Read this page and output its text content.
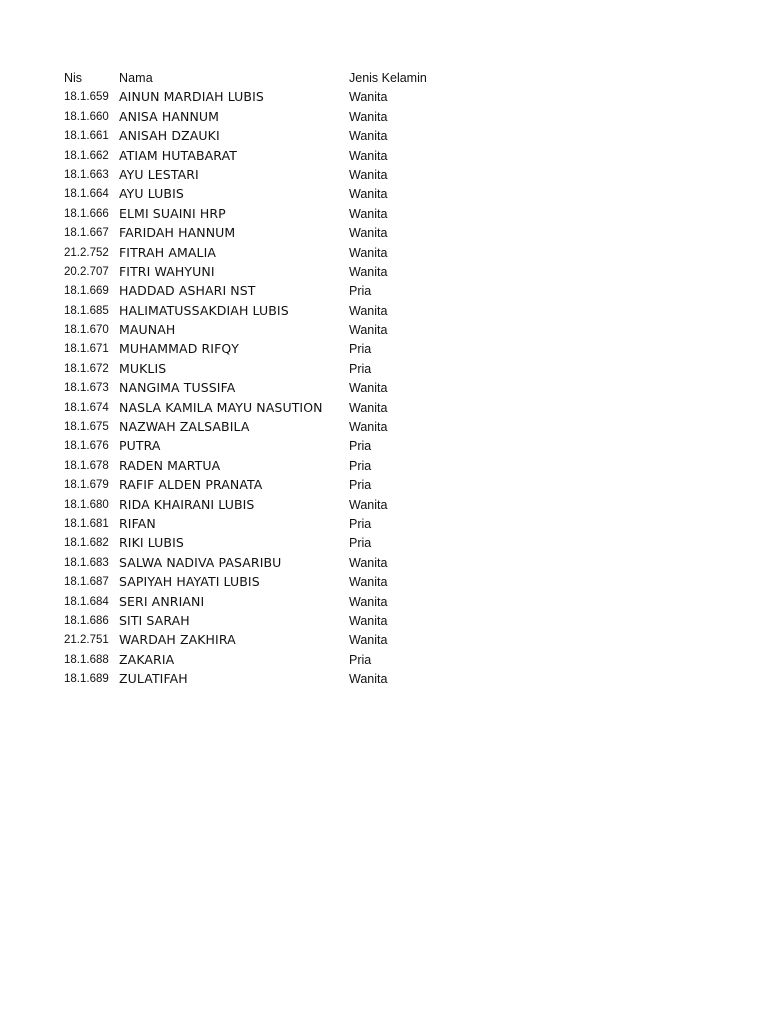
Nis	Nama	Jenis Kelamin
18.1.659 AINUN MARDIAH LUBIS	Wanita
18.1.660 ANISA HANNUM	Wanita
18.1.661 ANISAH DZAUKI	Wanita
18.1.662 ATIAM HUTABARAT	Wanita
18.1.663 AYU LESTARI	Wanita
18.1.664 AYU LUBIS	Wanita
18.1.666 ELMI SUAINI HRP	Wanita
18.1.667 FARIDAH HANNUM	Wanita
21.2.752 FITRAH AMALIA	Wanita
20.2.707 FITRI WAHYUNI	Wanita
18.1.669 HADDAD ASHARI NST	Pria
18.1.685 HALIMATUSSAKDIAH LUBIS	Wanita
18.1.670 MAUNAH	Wanita
18.1.671 MUHAMMAD RIFQY	Pria
18.1.672 MUKLIS	Pria
18.1.673 NANGIMA TUSSIFA	Wanita
18.1.674 NASLA KAMILA MAYU NASUTION Wanita
18.1.675 NAZWAH ZALSABILA	Wanita
18.1.676 PUTRA	Pria
18.1.678 RADEN MARTUA	Pria
18.1.679 RAFIF ALDEN PRANATA	Pria
18.1.680 RIDA KHAIRANI LUBIS	Wanita
18.1.681 RIFAN	Pria
18.1.682 RIKI LUBIS	Pria
18.1.683 SALWA NADIVA PASARIBU	Wanita
18.1.687 SAPIYAH HAYATI LUBIS	Wanita
18.1.684 SERI ANRIANI	Wanita
18.1.686 SITI SARAH	Wanita
21.2.751 WARDAH ZAKHIRA	Wanita
18.1.688 ZAKARIA	Pria
18.1.689 ZULATIFAH	Wanita
